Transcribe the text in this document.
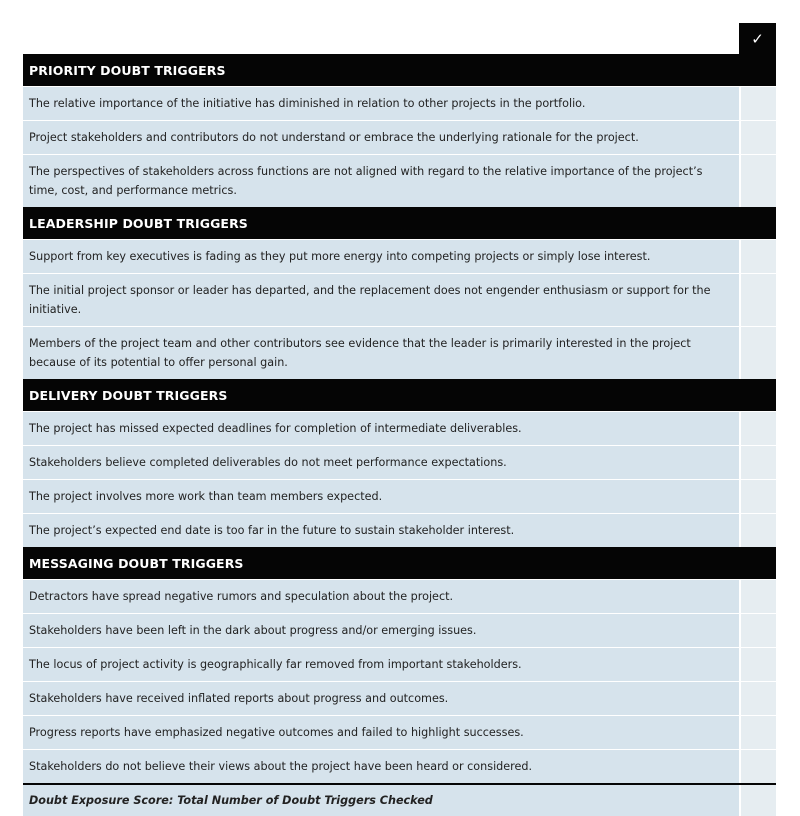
✓
PRIORITY DOUBT TRIGGERS
The relative importance of the initiative has diminished in relation to other projects in the portfolio.
Project stakeholders and contributors do not understand or embrace the underlying rationale for the project.
The perspectives of stakeholders across functions are not aligned with regard to the relative importance of the project’s time, cost, and performance metrics.
LEADERSHIP DOUBT TRIGGERS
Support from key executives is fading as they put more energy into competing projects or simply lose interest.
The initial project sponsor or leader has departed, and the replacement does not engender enthusiasm or support for the initiative.
Members of the project team and other contributors see evidence that the leader is primarily interested in the project because of its potential to offer personal gain.
DELIVERY DOUBT TRIGGERS
The project has missed expected deadlines for completion of intermediate deliverables.
Stakeholders believe completed deliverables do not meet performance expectations.
The project involves more work than team members expected.
The project’s expected end date is too far in the future to sustain stakeholder interest.
MESSAGING DOUBT TRIGGERS
Detractors have spread negative rumors and speculation about the project.
Stakeholders have been left in the dark about progress and/or emerging issues.
The locus of project activity is geographically far removed from important stakeholders.
Stakeholders have received inflated reports about progress and outcomes.
Progress reports have emphasized negative outcomes and failed to highlight successes.
Stakeholders do not believe their views about the project have been heard or considered.
Doubt Exposure Score: Total Number of Doubt Triggers Checked
